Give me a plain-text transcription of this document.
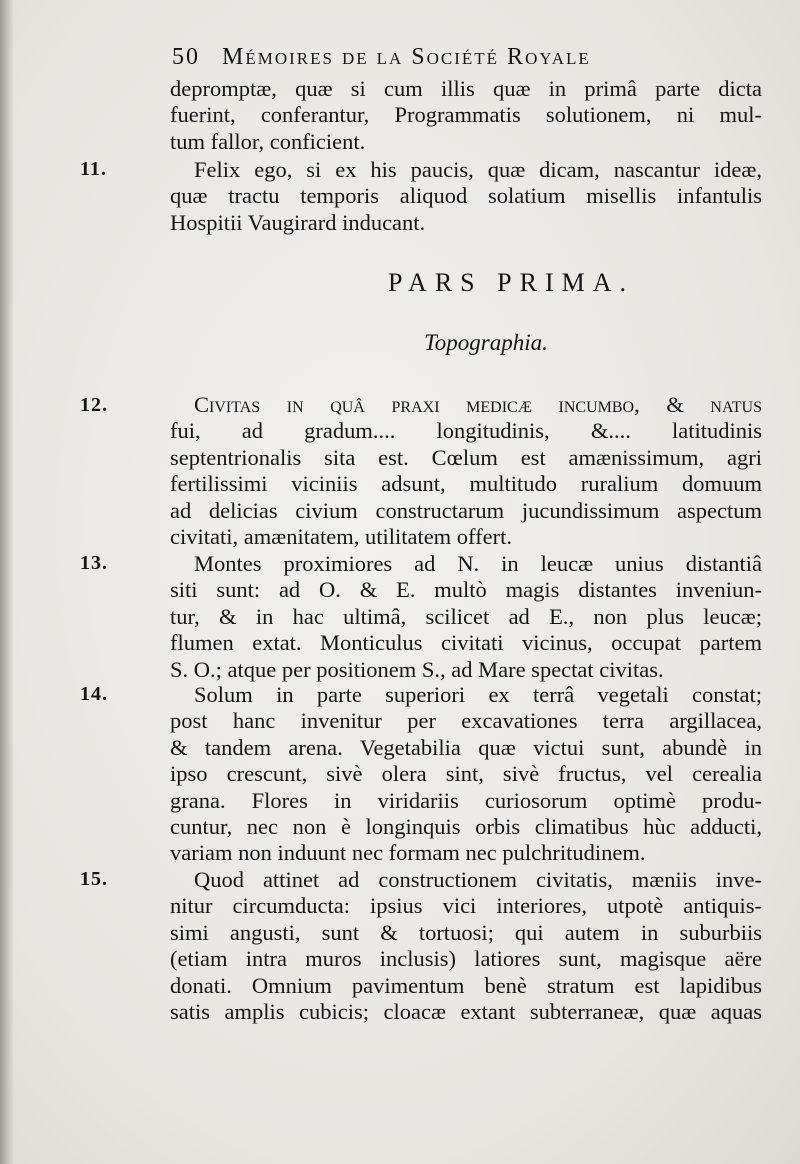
50 Mémoires de la Société Royale
depromptæ, quæ si cum illis quæ in primâ parte dicta
fuerint, conferantur, Programmatis solutionem, ni mul-
tum fallor, conficient.
11.	Felix ego, si ex his paucis, quæ dicam, nascantur ideæ,
quæ tractu temporis aliquod solatium misellis infantulis
Hospitii Vaugirard inducant.
PARS PRIMA.
Topographia.
12.	Civitas in quâ praxi medicæ incumbo, & natus
fui, ad gradum.... longitudinis, &.... latitudinis
septentrionalis sita est. Cœlum est amænissimum, agri
fertilissimi viciniis adsunt, multitudo ruralium domuum
ad delicias civium constructarum jucundissimum aspectum
civitati, amænitatem, utilitatem offert.
13.	Montes proximiores ad N. in leucæ unius distantiâ
siti sunt: ad O. & E. multò magis distantes inveniun-
tur, & in hac ultimâ, scilicet ad E., non plus leucæ;
flumen extat. Monticulus civitati vicinus, occupat partem
S. O.; atque per positionem S., ad Mare spectat civitas.
14.	Solum in parte superiori ex terrâ vegetali constat;
post hanc invenitur per excavationes terra argillacea,
& tandem arena. Vegetabilia quæ victui sunt, abundè in
ipso crescunt, sivè olera sint, sivè fructus, vel cerealia
grana. Flores in viridariis curiosorum optimè produ-
cuntur, nec non è longinquis orbis climatibus hùc adducti,
variam non induunt nec formam nec pulchritudinem.
15.	Quod attinet ad constructionem civitatis, mæniis inve-
nitur circumducta: ipsius vici interiores, utpotè antiquis-
simi angusti, sunt & tortuosi; qui autem in suburbiis
(etiam intra muros inclusis) latiores sunt, magisque aëre
donati. Omnium pavimentum benè stratum est lapidibus
satis amplis cubicis; cloacæ extant subterraneæ, quæ aquas
